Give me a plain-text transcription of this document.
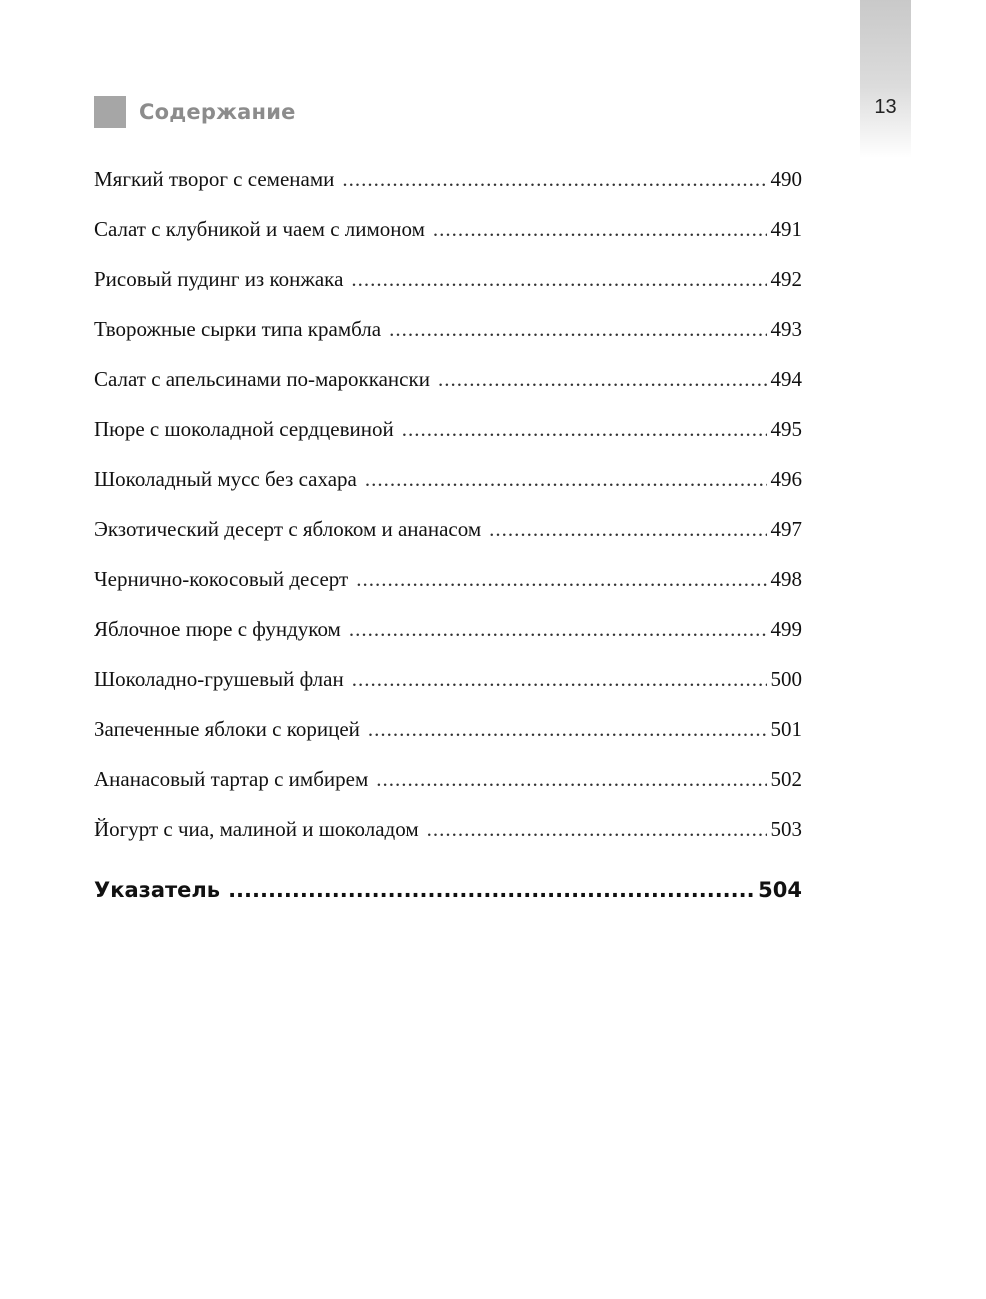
13
Содержание
Мягкий творог с семенами .....	490
Салат с клубникой и чаем с лимоном .....	491
Рисовый пудинг из конжака .....	492
Творожные сырки типа крамбла .....	493
Салат с апельсинами по-мароккански .....	494
Пюре с шоколадной сердцевиной .....	495
Шоколадный мусс без сахара .....	496
Экзотический десерт с яблоком и ананасом .....	497
Чернично-кокосовый десерт .....	498
Яблочное пюре с фундуком .....	499
Шоколадно-грушевый флан .....	500
Запеченные яблоки с корицей .....	501
Ананасовый тартар с имбирем .....	502
Йогурт с чиа, малиной и шоколадом .....	503
Указатель .....	504
